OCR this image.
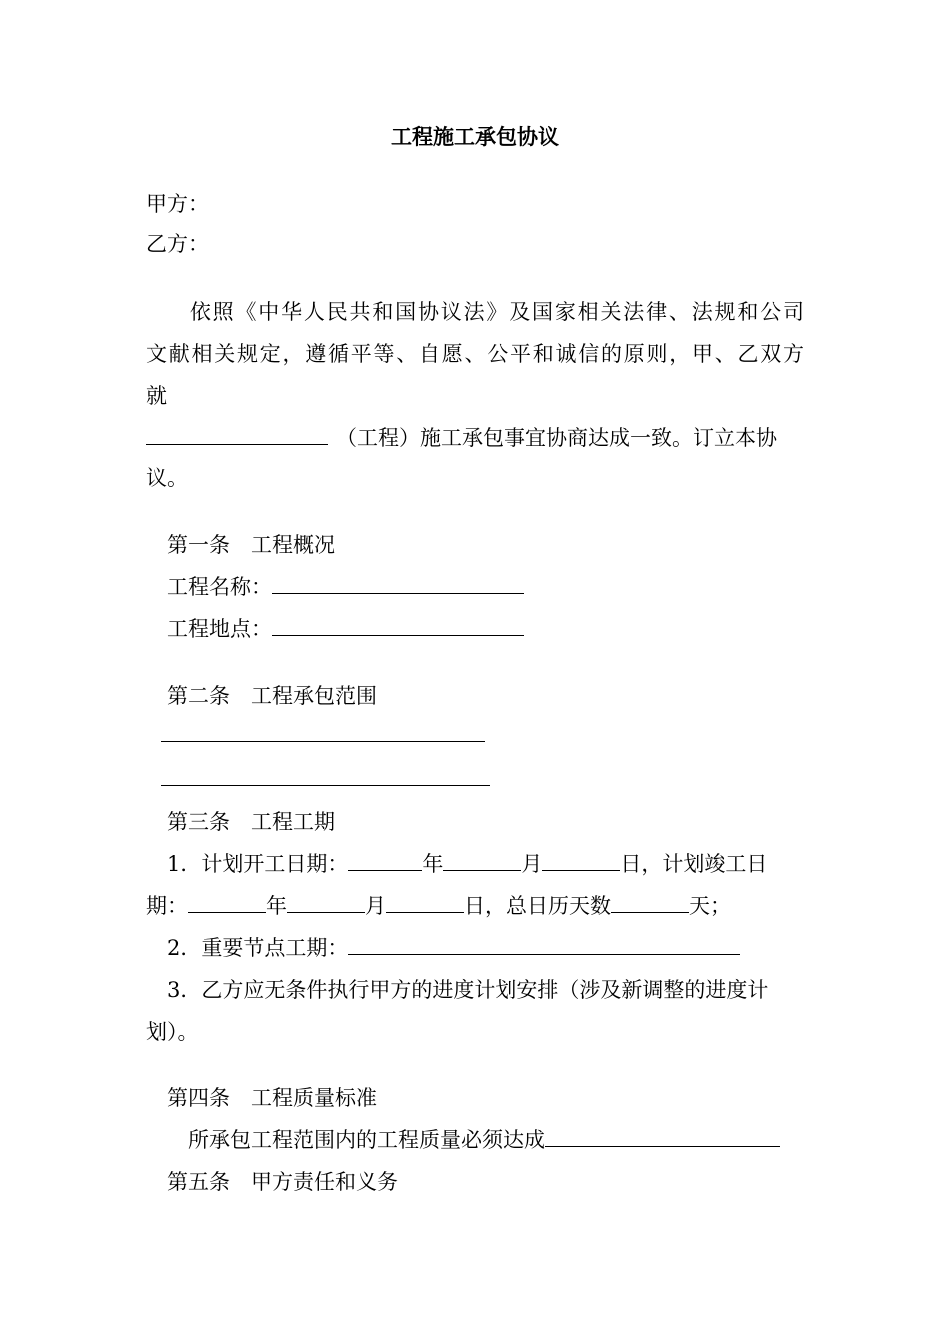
工程施工承包协议
甲方：
乙方：
依照《中华人民共和国协议法》及国家相关法律、法规和公司
文献相关规定，遵循平等、自愿、公平和诚信的原则，甲、乙双方
就
（工程）施工承包事宜协商达成一致。订立本协
议。
第一条　工程概况
工程名称：
工程地点：
第二条　工程承包范围
第三条　工程工期
1．计划开工日期：	年	月	日，计划竣工日
期：	年	月	日，总日历天数	天；
2．重要节点工期：
3．乙方应无条件执行甲方的进度计划安排（涉及新调整的进度计
划）。
第四条　工程质量标准
所承包工程范围内的工程质量必须达成
第五条　甲方责任和义务
